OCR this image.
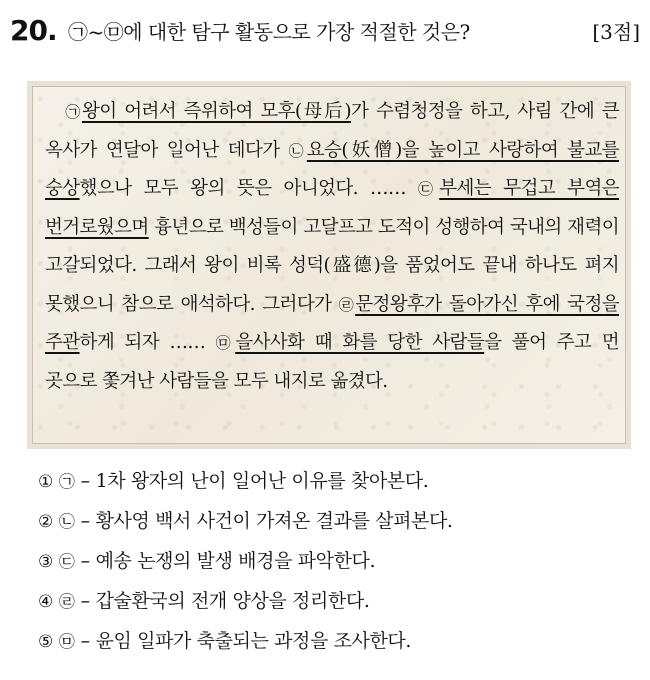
20. ㉠~㉤에 대한 탐구 활동으로 가장 적절한 것은?	[3점]
　㉠왕이 어려서 즉위하여 모후(母后)가 수렴청정을 하고, 사림 간에 큰 옥사가 연달아 일어난 데다가 ㉡요승(妖僧)을 높이고 사랑하여 불교를 숭상했으나 모두 왕의 뜻은 아니었다. …… ㉢부세는 무겁고 부역은 번거로웠으며 흉년으로 백성들이 고달프고 도적이 성행하여 국내의 재력이 고갈되었다. 그래서 왕이 비록 성덕(盛德)을 품었어도 끝내 하나도 펴지 못했으니 참으로 애석하다. 그러다가 ㉣문정왕후가 돌아가신 후에 국정을 주관하게 되자 …… ㉤을사사화 때 화를 당한 사람들을 풀어 주고 먼 곳으로 쫓겨난 사람들을 모두 내지로 옮겼다.
① ㉠ – 1차 왕자의 난이 일어난 이유를 찾아본다.
② ㉡ – 황사영 백서 사건이 가져온 결과를 살펴본다.
③ ㉢ – 예송 논쟁의 발생 배경을 파악한다.
④ ㉣ – 갑술환국의 전개 양상을 정리한다.
⑤ ㉤ – 윤임 일파가 축출되는 과정을 조사한다.
